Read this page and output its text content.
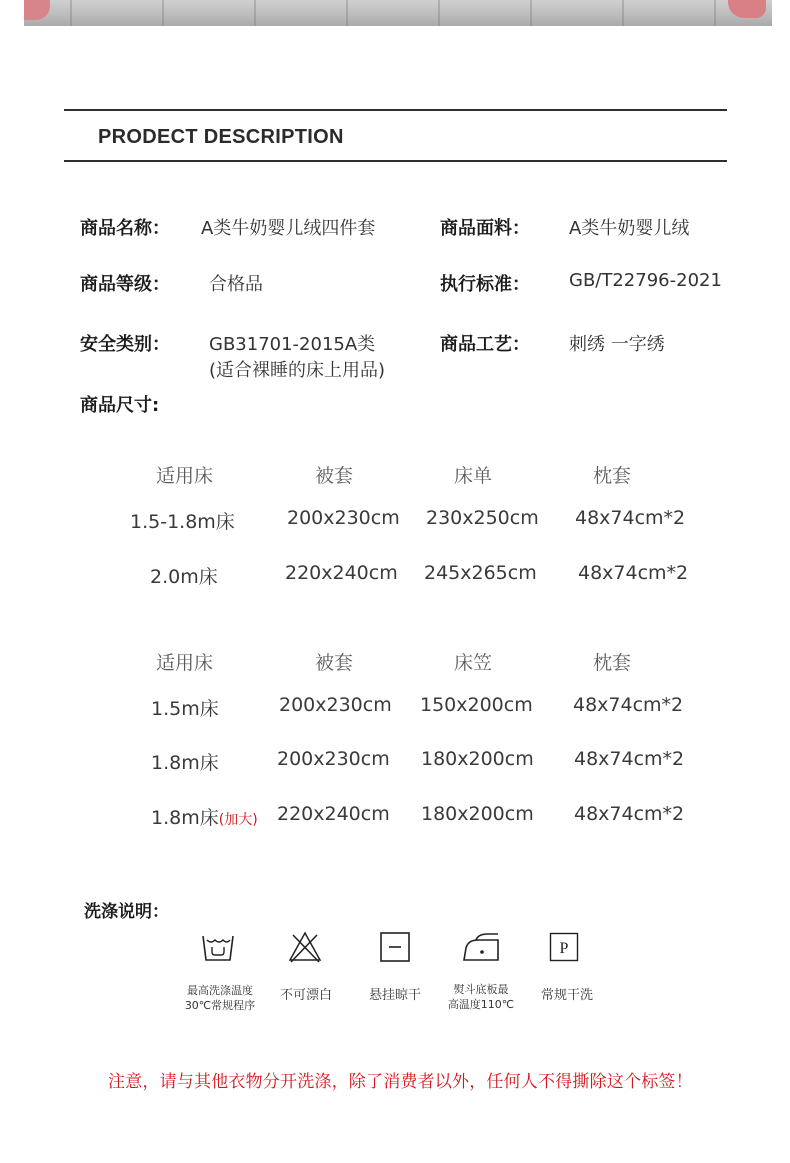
PRODECT DESCRIPTION
商品名称： A类牛奶婴儿绒四件套	商品面料： A类牛奶婴儿绒
商品等级： 合格品	执行标准： GB/T22796-2021
安全类别： GB31701-2015A类
(适合裸睡的床上用品)
商品工艺： 刺绣 一字绣
商品尺寸:
适用床	被套	床单	枕套
1.5-1.8m床	200x230cm 230x250cm 48x74cm*2
2.0m床	220x240cm 245x265cm 48x74cm*2
适用床	被套	床笠	枕套
1.5m床	200x230cm 150x200cm 48x74cm*2
1.8m床	200x230cm 180x200cm 48x74cm*2
1.8m床(加大) 220x240cm 180x200cm 48x74cm*2
洗涤说明：
P
最高洗涤温度
30℃常规程序
不可漂白	悬挂晾干	熨斗底板最
高温度110℃
常规干洗
注意，请与其他衣物分开洗涤，除了消费者以外，任何人不得撕除这个标签！
